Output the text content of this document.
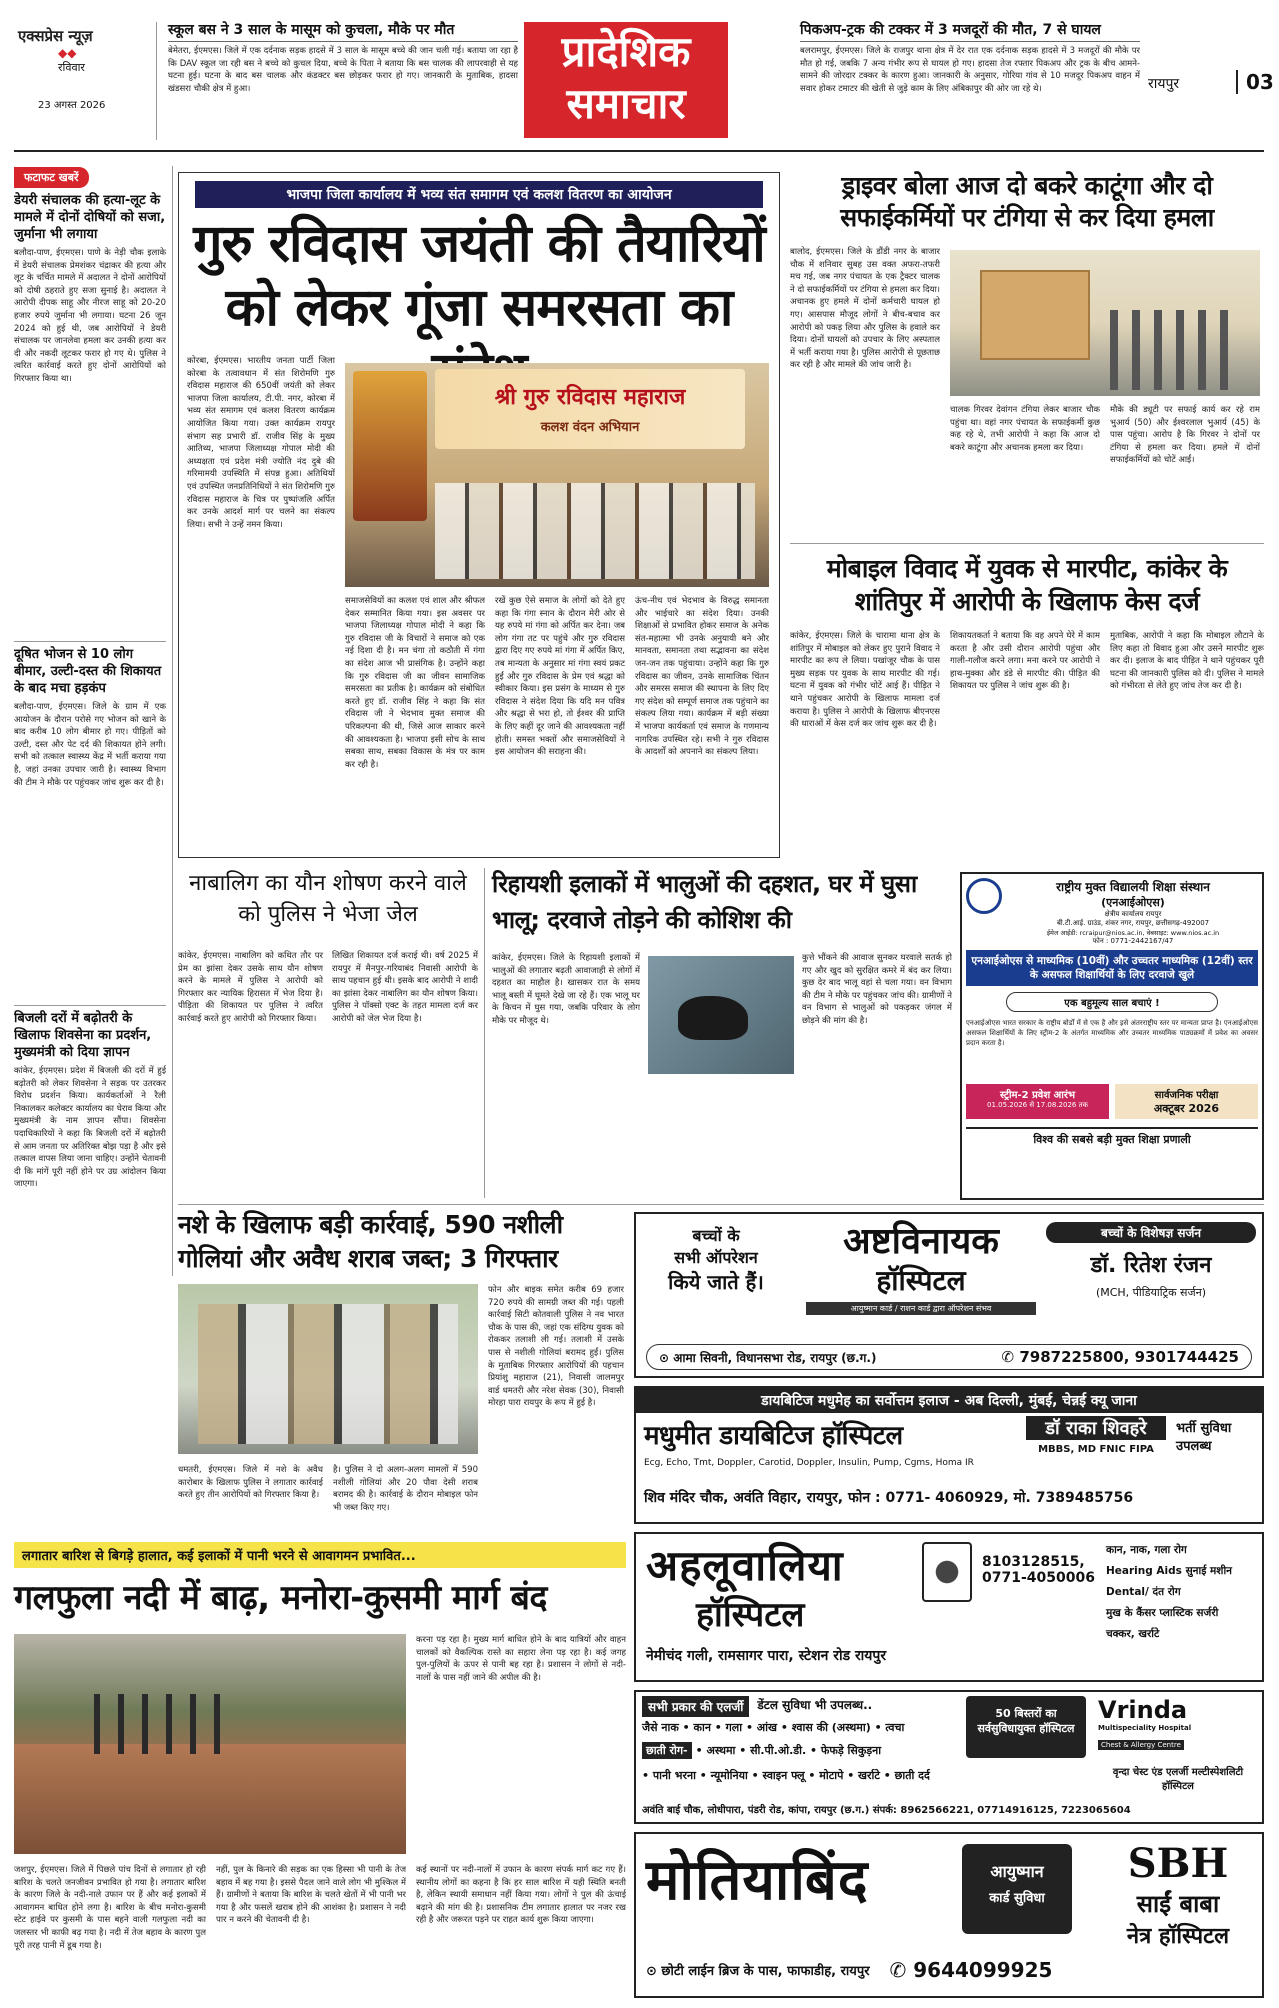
एक्सप्रेस न्यूज़
◆◆
रविवार
23 अगस्त 2026
स्कूल बस ने 3 साल के मासूम को कुचला, मौके पर मौत
बेमेतरा, ईएमएस। जिले में एक दर्दनाक सड़क हादसे में 3 साल के मासूम बच्चे की जान चली गई। बताया जा रहा है कि DAV स्कूल जा रही बस ने बच्चे को कुचल दिया, बच्चे के पिता ने बताया कि बस चालक की लापरवाही से यह घटना हुई। घटना के बाद बस चालक और कंडक्टर बस छोड़कर फरार हो गए। जानकारी के मुताबिक, हादसा खंडसरा चौकी क्षेत्र में हुआ।
प्रादेशिक
समाचार
पिकअप-ट्रक की टक्कर में 3 मजदूरों की मौत, 7 से घायल
बलरामपुर, ईएमएस। जिले के राजपुर थाना क्षेत्र में देर रात एक दर्दनाक सड़क हादसे में 3 मजदूरों की मौके पर मौत हो गई, जबकि 7 अन्य गंभीर रूप से घायल हो गए। हादसा तेज रफ्तार पिकअप और ट्रक के बीच आमने-सामने की जोरदार टक्कर के कारण हुआ। जानकारी के अनुसार, गोरिया गांव से 10 मजदूर पिकअप वाहन में सवार होकर टमाटर की खेती से जुड़े काम के लिए अंबिकापुर की ओर जा रहे थे।	रायपुर	03
फटाफट खबरें
डेयरी संचालक की हत्या-लूट के मामले में दोनों दोषियों को सजा, जुर्माना भी लगाया
बलौदा-पाण, ईएमएस। पाणे के नेड़ी चौक इलाके में डेयरी संचालक प्रेमशंकर चंद्राकर की हत्या और लूट के चर्चित मामले में अदालत ने दोनों आरोपियों को दोषी ठहराते हुए सजा सुनाई है। अदालत ने आरोपी दीपक साहू और नीरज साहू को 20-20 हजार रुपये जुर्माना भी लगाया। घटना 26 जून 2024 को हुई थी, जब आरोपियों ने डेयरी संचालक पर जानलेवा हमला कर उनकी हत्या कर दी और नकदी लूटकर फरार हो गए थे। पुलिस ने त्वरित कार्रवाई करते हुए दोनों आरोपियों को गिरफ्तार किया था।
दूषित भोजन से 10 लोग बीमार, उल्टी-दस्त की शिकायत के बाद मचा हड़कंप
बलौदा-पाण, ईएमएस। जिले के ग्राम में एक आयोजन के दौरान परोसे गए भोजन को खाने के बाद करीब 10 लोग बीमार हो गए। पीड़ितों को उल्टी, दस्त और पेट दर्द की शिकायत होने लगी। सभी को तत्काल स्वास्थ्य केंद्र में भर्ती कराया गया है, जहां उनका उपचार जारी है। स्वास्थ्य विभाग की टीम ने मौके पर पहुंचकर जांच शुरू कर दी है।
बिजली दरों में बढ़ोतरी के खिलाफ शिवसेना का प्रदर्शन, मुख्यमंत्री को दिया ज्ञापन
कांकेर, ईएमएस। प्रदेश में बिजली की दरों में हुई बढ़ोतरी को लेकर शिवसेना ने सड़क पर उतरकर विरोध प्रदर्शन किया। कार्यकर्ताओं ने रैली निकालकर कलेक्टर कार्यालय का घेराव किया और मुख्यमंत्री के नाम ज्ञापन सौंपा। शिवसेना पदाधिकारियों ने कहा कि बिजली दरों में बढ़ोतरी से आम जनता पर अतिरिक्त बोझ पड़ा है और इसे तत्काल वापस लिया जाना चाहिए। उन्होंने चेतावनी दी कि मांगें पूरी नहीं होने पर उग्र आंदोलन किया जाएगा।
भाजपा जिला कार्यालय में भव्य संत समागम एवं कलश वितरण का आयोजन
गुरु रविदास जयंती की तैयारियों
को लेकर गूंजा समरसता का
कोरबा, ईएमएस। भारतीय जनता पार्टी जिला कोरबा के तत्वावधान में संत शिरोमणि गुरु रविदास महाराज की 650वीं जयंती को लेकर भाजपा जिला कार्यालय, टी.पी. नगर, कोरबा में भव्य संत समागम एवं कलश वितरण कार्यक्रम आयोजित किया गया। उक्त कार्यक्रम रायपुर संभाग सह प्रभारी डॉ. राजीव सिंह के मुख्य आतिथ्य, भाजपा जिलाध्यक्ष गोपाल मोदी की अध्यक्षता एवं प्रदेश मंत्री ज्योति नंद दुबे की गरिमामयी उपस्थिति में संपन्न हुआ। अतिथियों एवं उपस्थित जनप्रतिनिधियों ने संत शिरोमणि गुरु रविदास महाराज के चित्र पर पुष्पांजलि अर्पित कर उनके आदर्श मार्ग पर चलने का संकल्प लिया। सभी ने उन्हें नमन किया।
श्री गुरु रविदास महाराज
कलश वंदन अभियान
समाजसेवियों का कलश एवं शाल और श्रीफल देकर सम्मानित किया गया। इस अवसर पर भाजपा जिलाध्यक्ष गोपाल मोदी ने कहा कि गुरु रविदास जी के विचारों ने समाज को एक नई दिशा दी है। मन चंगा तो कठौती में गंगा का संदेश आज भी प्रासंगिक है। उन्होंने कहा कि गुरु रविदास जी का जीवन सामाजिक समरसता का प्रतीक है। कार्यक्रम को संबोधित करते हुए डॉ. राजीव सिंह ने कहा कि संत रविदास जी ने भेदभाव मुक्त समाज की परिकल्पना की थी, जिसे आज साकार करने की आवश्यकता है। भाजपा इसी सोच के साथ सबका साथ, सबका विकास के मंत्र पर काम कर रही है।
रखें कुछ ऐसे समाज के लोगों को देते हुए कहा कि गंगा स्नान के दौरान मेरी ओर से यह रुपये मां गंगा को अर्पित कर देना। जब लोग गंगा तट पर पहुंचे और गुरु रविदास द्वारा दिए गए रुपये मां गंगा में अर्पित किए, तब मान्यता के अनुसार मां गंगा स्वयं प्रकट हुईं और गुरु रविदास के प्रेम एवं श्रद्धा को स्वीकार किया। इस प्रसंग के माध्यम से गुरु रविदास ने संदेश दिया कि यदि मन पवित्र और श्रद्धा से भरा हो, तो ईश्वर की प्राप्ति के लिए कहीं दूर जाने की आवश्यकता नहीं होती। समस्त भक्तों और समाजसेवियों ने इस आयोजन की सराहना की।
ऊंच-नीच एवं भेदभाव के विरुद्ध समानता और भाईचारे का संदेश दिया। उनकी शिक्षाओं से प्रभावित होकर समाज के अनेक संत-महात्मा भी उनके अनुयायी बने और मानवता, समानता तथा सद्भावना का संदेश जन-जन तक पहुंचाया। उन्होंने कहा कि गुरु रविदास का जीवन, उनके सामाजिक चिंतन और समरस समाज की स्थापना के लिए दिए गए संदेश को सम्पूर्ण समाज तक पहुंचाने का संकल्प लिया गया। कार्यक्रम में बड़ी संख्या में भाजपा कार्यकर्ता एवं समाज के गणमान्य नागरिक उपस्थित रहे। सभी ने गुरु रविदास के आदर्शों को अपनाने का संकल्प लिया।
ड्राइवर बोला आज दो बकरे काटूंगा और दो सफाईकर्मियों पर टंगिया से कर दिया हमला
बालोद, ईएमएस। जिले के डौंडी नगर के बाजार चौक में शनिवार सुबह उस वक्त अफरा-तफरी मच गई, जब नगर पंचायत के एक ट्रैक्टर चालक ने दो सफाईकर्मियों पर टंगिया से हमला कर दिया। अचानक हुए हमले में दोनों कर्मचारी घायल हो गए। आसपास मौजूद लोगों ने बीच-बचाव कर आरोपी को पकड़ लिया और पुलिस के हवाले कर दिया। दोनों घायलों को उपचार के लिए अस्पताल में भर्ती कराया गया है। पुलिस आरोपी से पूछताछ कर रही है और मामले की जांच जारी है।
चालक गिरवर देवांगन टंगिया लेकर बाजार चौक पहुंचा था। वहां नगर पंचायत के सफाईकर्मी कुछ कह रहे थे, तभी आरोपी ने कहा कि आज दो बकरे काटूंगा और अचानक हमला कर दिया।
मौके की ड्यूटी पर सफाई कार्य कर रहे राम भुआर्य (50) और ईश्वरलाल भुआर्य (45) के पास पहुंचा। आरोप है कि गिरवर ने दोनों पर टंगिया से हमला कर दिया। हमले में दोनों सफाईकर्मियों को चोटें आईं।
मोबाइल विवाद में युवक से मारपीट, कांकेर के शांतिपुर में आरोपी के खिलाफ केस दर्ज
कांकेर, ईएमएस। जिले के चारामा थाना क्षेत्र के शांतिपुर में मोबाइल को लेकर हुए पुराने विवाद ने मारपीट का रूप ले लिया। पखांजूर चौक के पास मुख्य सड़क पर युवक के साथ मारपीट की गई। घटना में युवक को गंभीर चोटें आई हैं। पीड़ित ने थाने पहुंचकर आरोपी के खिलाफ मामला दर्ज कराया है। पुलिस ने आरोपी के खिलाफ बीएनएस की धाराओं में केस दर्ज कर जांच शुरू कर दी है।
शिकायतकर्ता ने बताया कि वह अपने घेरे में काम करता है और उसी दौरान आरोपी पहुंचा और गाली-गलौज करने लगा। मना करने पर आरोपी ने हाथ-मुक्का और डंडे से मारपीट की। पीड़ित की शिकायत पर पुलिस ने जांच शुरू की है।
मुताबिक, आरोपी ने कहा कि मोबाइल लौटाने के लिए कहा तो विवाद हुआ और उसने मारपीट शुरू कर दी। इलाज के बाद पीड़ित ने थाने पहुंचकर पूरी घटना की जानकारी पुलिस को दी। पुलिस ने मामले को गंभीरता से लेते हुए जांच तेज कर दी है।
नाबालिग का यौन शोषण करने वाले को पुलिस ने भेजा जेल
कांकेर, ईएमएस। नाबालिग को कथित तौर पर प्रेम का झांसा देकर उसके साथ यौन शोषण करने के मामले में पुलिस ने आरोपी को गिरफ्तार कर न्यायिक हिरासत में भेज दिया है। पीड़िता की शिकायत पर पुलिस ने त्वरित कार्रवाई करते हुए आरोपी को गिरफ्तार किया।
लिखित शिकायत दर्ज कराई थी। वर्ष 2025 में रायपुर में मैनपुर-गरियाबंद निवासी आरोपी के साथ पहचान हुई थी। इसके बाद आरोपी ने शादी का झांसा देकर नाबालिग का यौन शोषण किया। पुलिस ने पॉक्सो एक्ट के तहत मामला दर्ज कर आरोपी को जेल भेज दिया है।
रिहायशी इलाकों में भालुओं की दहशत, घर में घुसा भालू; दरवाजे तोड़ने की कोशिश की
कांकेर, ईएमएस। जिले के रिहायशी इलाकों में भालुओं की लगातार बढ़ती आवाजाही से लोगों में दहशत का माहौल है। खासकर रात के समय भालू बस्ती में घूमते देखे जा रहे हैं। एक भालू घर के किचन में घुस गया, जबकि परिवार के लोग मौके पर मौजूद थे।
कुत्ते भौंकने की आवाज सुनकर घरवाले सतर्क हो गए और खुद को सुरक्षित कमरे में बंद कर लिया। कुछ देर बाद भालू वहां से चला गया। वन विभाग की टीम ने मौके पर पहुंचकर जांच की। ग्रामीणों ने वन विभाग से भालुओं को पकड़कर जंगल में छोड़ने की मांग की है।
राष्ट्रीय मुक्त विद्यालयी शिक्षा संस्थान
(एनआईओएस)
क्षेत्रीय कार्यालय रायपुर
बी.टी.आई. ग्राउंड, शंकर नगर, रायपुर, छत्तीसगढ़-492007
ईमेल आईडी: rcraipur@nios.ac.in, वेबसाइट: www.nios.ac.in
फोन : 0771-2442167/47
एनआईओएस से माध्यमिक (10वीं) और उच्चतर माध्यमिक (12वीं) स्तर के असफल शिक्षार्थियों के लिए दरवाजे खुले
एक बहुमूल्य साल बचाएं !
एनआईओएस भारत सरकार के राष्ट्रीय बोर्डों में से एक है और इसे अंतरराष्ट्रीय स्तर पर मान्यता प्राप्त है। एनआईओएस असफल शिक्षार्थियों के लिए स्ट्रीम-2 के अंतर्गत माध्यमिक और उच्चतर माध्यमिक पाठ्यक्रमों में प्रवेश का अवसर प्रदान करता है।
स्ट्रीम-2 प्रवेश आरंभ
01.05.2026 से 17.08.2026 तक
सार्वजनिक परीक्षा
अक्टूबर 2026
विश्व की सबसे बड़ी मुक्त शिक्षा प्रणाली
नशे के खिलाफ बड़ी कार्रवाई, 590 नशीली
गोलियां और अवैध शराब जब्त; 3 गिरफ्तार
फोन और बाइक समेत करीब 69 हजार 720 रुपये की सामग्री जब्त की गई। पहली कार्रवाई सिटी कोतवाली पुलिस ने नव भारत चौक के पास की, जहां एक संदिग्ध युवक को रोककर तलाशी ली गई। तलाशी में उसके पास से नशीली गोलियां बरामद हुईं। पुलिस के मुताबिक गिरफ्तार आरोपियों की पहचान प्रियांशु महाराज (21), निवासी जालमपुर वार्ड धमतरी और नरेश सेवक (30), निवासी मोरहा पारा रायपुर के रूप में हुई है।
धमतरी, ईएमएस। जिले में नशे के अवैध कारोबार के खिलाफ पुलिस ने लगातार कार्रवाई करते हुए तीन आरोपियों को गिरफ्तार किया है।
है। पुलिस ने दो अलग-अलग मामलों में 590 नशीली गोलियां और 20 पौवा देसी शराब बरामद की है। कार्रवाई के दौरान मोबाइल फोन भी जब्त किए गए।
बच्चों के
सभी ऑपरेशन
किये जाते हैं।
अष्टविनायक
हॉस्पिटल
आयुष्मान कार्ड / राशन कार्ड द्वारा ऑपरेशन संभव
बच्चों के विशेषज्ञ सर्जन
डॉ. रितेश रंजन
(MCH, पीडियाट्रिक सर्जन)
⊙ आमा सिवनी, विधानसभा रोड, रायपुर (छ.ग.)	✆ 7987225800, 9301744425
डायबिटिज मधुमेह का सर्वोत्तम इलाज - अब दिल्ली, मुंबई, चेन्नई क्यू जाना
मधुमीत डायबिटिज हॉस्पिटल	डॉ राका शिवहरे
MBBS, MD FNIC FIPA
भर्ती सुविधा उपलब्ध
Ecg, Echo, Tmt, Doppler, Carotid, Doppler, Insulin, Pump, Cgms, Homa IR
शिव मंदिर चौक, अवंति विहार, रायपुर, फोन : 0771- 4060929, मो. 7389485756
अहलूवालिया
हॉस्पिटल
8103128515,
0771-4050006
कान, नाक, गला रोग
Hearing Aids सुनाई मशीन
Dental/ दंत रोग
मुख के कैंसर प्लास्टिक सर्जरी
चक्कर, खर्राटे
नेमीचंद गली, रामसागर पारा, स्टेशन रोड रायपुर
सभी प्रकार की एलर्जी	डेंटल सुविधा भी उपलब्ध..
जैसे नाक • कान • गला • आंख • श्वास की (अस्थमा) • त्वचा
छाती रोग- • अस्थमा • सी.पी.ओ.डी. • फेफड़े सिकुड़ना
• पानी भरना • न्यूमोनिया • स्वाइन फ्लू • मोटापे • खर्राटे • छाती दर्द
50 बिस्तरों का सर्वसुविधायुक्त हॉस्पिटल
Vrinda
Multispeciality Hospital
Chest & Allergy Centre
वृन्दा चेस्ट एंड एलर्जी मल्टीस्पेशलिटी हॉस्पिटल
अवंति बाई चौक, लोधीपारा, पंडरी रोड, कांपा, रायपुर (छ.ग.) संपर्क: 8962566221, 07714916125, 7223065604
मोतियाबिंद	आयुष्मान
कार्ड सुविधा
SBH
साईं बाबा
नेत्र हॉस्पिटल
⊙ छोटी लाईन ब्रिज के पास, फाफाडीह, रायपुर ✆ 9644099925
लगातार बारिश से बिगड़े हालात, कई इलाकों में पानी भरने से आवागमन प्रभावित...
गलफुला नदी में बाढ़, मनोरा-कुसमी मार्ग बंद
करना पड़ रहा है। मुख्य मार्ग बाधित होने के बाद यात्रियों और वाहन चालकों को वैकल्पिक रास्ते का सहारा लेना पड़ रहा है। कई जगह पुल-पुलियों के ऊपर से पानी बह रहा है। प्रशासन ने लोगों से नदी-नालों के पास नहीं जाने की अपील की है।
जशपुर, ईएमएस। जिले में पिछले पांच दिनों से लगातार हो रही बारिश के चलते जनजीवन प्रभावित हो गया है। लगातार बारिश के कारण जिले के नदी-नाले उफान पर हैं और कई इलाकों में आवागमन बाधित होने लगा है। बारिश के बीच मनोरा-कुसमी स्टेट हाईवे पर कुसमी के पास बहने वाली गलफुला नदी का जलस्तर भी काफी बढ़ गया है। नदी में तेज बहाव के कारण पुल पूरी तरह पानी में डूब गया है।
नहीं, पुल के किनारे की सड़क का एक हिस्सा भी पानी के तेज बहाव में बह गया है। इससे पैदल जाने वाले लोग भी मुश्किल में हैं। ग्रामीणों ने बताया कि बारिश के चलते खेतों में भी पानी भर गया है और फसलें खराब होने की आशंका है। प्रशासन ने नदी पार न करने की चेतावनी दी है।
कई स्थानों पर नदी-नालों में उफान के कारण संपर्क मार्ग कट गए हैं। स्थानीय लोगों का कहना है कि हर साल बारिश में यही स्थिति बनती है, लेकिन स्थायी समाधान नहीं किया गया। लोगों ने पुल की ऊंचाई बढ़ाने की मांग की है। प्रशासनिक टीम लगातार हालात पर नजर रख रही है और जरूरत पड़ने पर राहत कार्य शुरू किया जाएगा।
